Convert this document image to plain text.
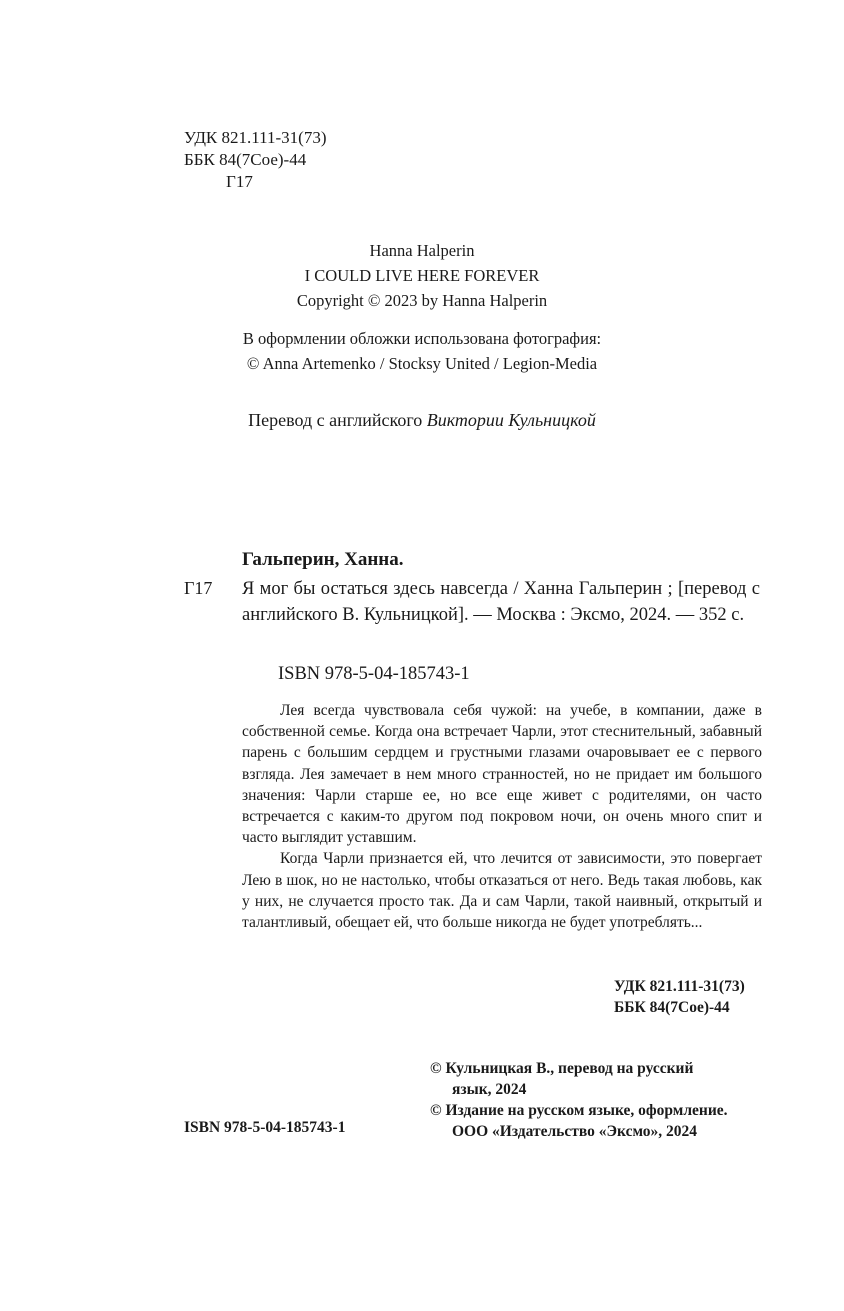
УДК 821.111-31(73)
ББК 84(7Сое)-44
Г17
Hanna Halperin
I COULD LIVE HERE FOREVER
Copyright © 2023 by Hanna Halperin
В оформлении обложки использована фотография:
© Anna Artemenko / Stocksy United / Legion-Media
Перевод с английского Виктории Кульницкой
Гальперин, Ханна.
Г17 Я мог бы остаться здесь навсегда / Ханна Гальперин ; [перевод с английского В. Кульницкой]. — Москва : Эксмо, 2024. — 352 с.
ISBN 978-5-04-185743-1

Лея всегда чувствовала себя чужой: на учебе, в компании, даже в собственной семье. Когда она встречает Чарли, этот стеснительный, забавный парень с большим сердцем и грустными глазами очаровывает ее с первого взгляда. Лея замечает в нем много странностей, но не придает им большого значения: Чарли старше ее, но все еще живет с родителями, он часто встречается с каким-то другом под покровом ночи, он очень много спит и часто выглядит уставшим.

Когда Чарли признается ей, что лечится от зависимости, это повергает Лею в шок, но не настолько, чтобы отказаться от него. Ведь такая любовь, как у них, не случается просто так. Да и сам Чарли, такой наивный, открытый и талантливый, обещает ей, что больше никогда не будет употреблять...

УДК 821.111-31(73)
ББК 84(7Сое)-44
© Кульницкая В., перевод на русский
язык, 2024
© Издание на русском языке, оформление.
ООО «Издательство «Эксмо», 2024
ISBN 978-5-04-185743-1
